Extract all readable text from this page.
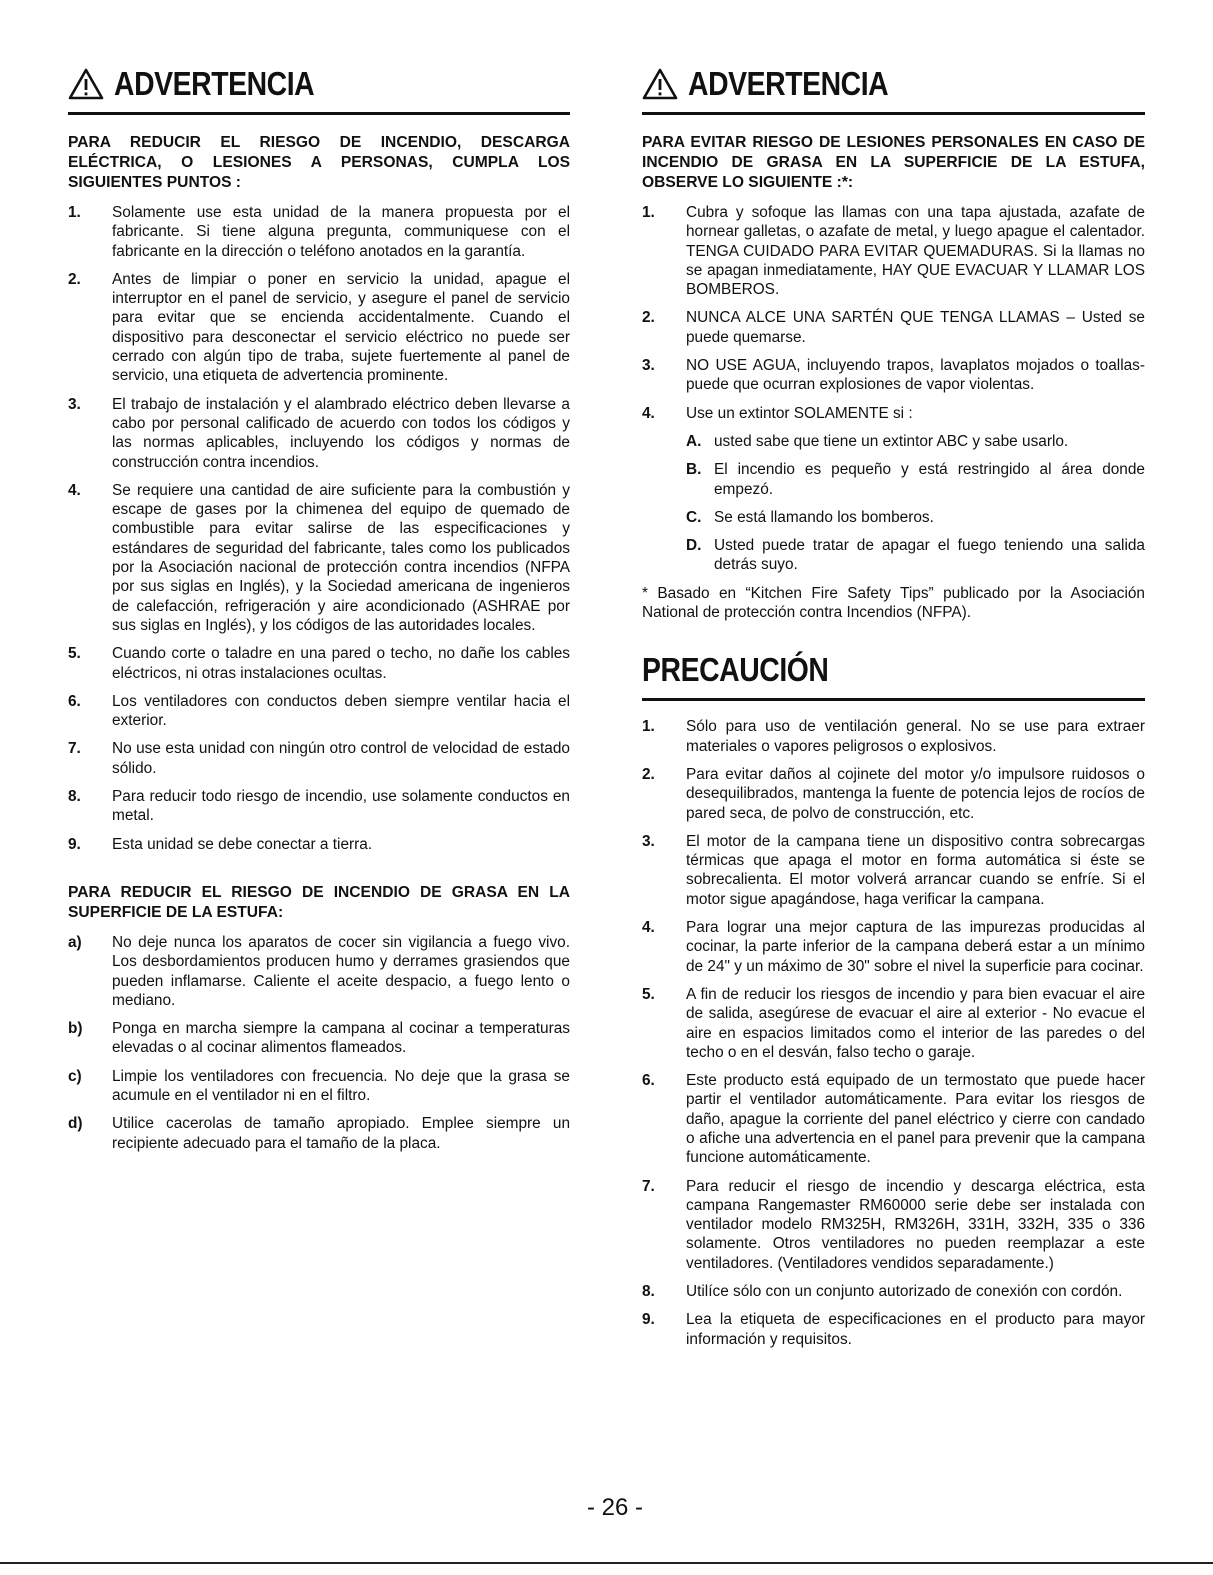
ADVERTENCIA

PARA REDUCIR EL RIESGO DE INCENDIO, DESCARGA ELÉCTRICA, O LESIONES A PERSONAS, CUMPLA LOS SIGUIENTES PUNTOS :

1.	Solamente use esta unidad de la manera propuesta por el fabricante. Si tiene alguna pregunta, communiquese con el fabricante en la dirección o teléfono anotados en la garantía.
2.	Antes de limpiar o poner en servicio la unidad, apague el interruptor en el panel de servicio, y asegure el panel de servicio para evitar que se encienda accidentalmente. Cuando el dispositivo para desconectar el servicio eléctrico no puede ser cerrado con algún tipo de traba, sujete fuertemente al panel de servicio, una etiqueta de advertencia prominente.
3.	El trabajo de instalación y el alambrado eléctrico deben llevarse a cabo por personal calificado de acuerdo con todos los códigos y las normas aplicables, incluyendo los códigos y normas de construcción contra incendios.
4.	Se requiere una cantidad de aire suficiente para la combustión y escape de gases por la chimenea del equipo de quemado de combustible para evitar salirse de las especificaciones y estándares de seguridad del fabricante, tales como los publicados por la Asociación nacional de protección contra incendios (NFPA por sus siglas en Inglés), y la Sociedad americana de ingenieros de calefacción, refrigeración y aire acondicionado (ASHRAE por sus siglas en Inglés), y los códigos de las autoridades locales.
5.	Cuando corte o taladre en una pared o techo, no dañe los cables eléctricos, ni otras instalaciones ocultas.
6.	Los ventiladores con conductos deben siempre ventilar hacia el exterior.
7.	No use esta unidad con ningún otro control de velocidad de estado sólido.
8.	Para reducir todo riesgo de incendio, use solamente conductos en metal.
9.	Esta unidad se debe conectar a tierra.

PARA REDUCIR EL RIESGO DE INCENDIO DE GRASA EN LA SUPERFICIE DE LA ESTUFA:

a)	No deje nunca los aparatos de cocer sin vigilancia a fuego vivo. Los desbordamientos producen humo y derrames grasiendos que pueden inflamarse. Caliente el aceite despacio, a fuego lento o mediano.
b)	Ponga en marcha siempre la campana al cocinar a temperaturas elevadas o al cocinar alimentos flameados.
c)	Limpie los ventiladores con frecuencia. No deje que la grasa se acumule en el ventilador ni en el filtro.
d)	Utilice cacerolas de tamaño apropiado. Emplee siempre un recipiente adecuado para el tamaño de la placa.
ADVERTENCIA

PARA EVITAR RIESGO DE LESIONES PERSONALES EN CASO DE INCENDIO DE GRASA EN LA SUPERFICIE DE LA ESTUFA, OBSERVE LO SIGUIENTE :*:

1.	Cubra y sofoque las llamas con una tapa ajustada, azafate de hornear galletas, o azafate de metal, y luego apague el calentador. TENGA CUIDADO PARA EVITAR QUEMADURAS. Si la llamas no se apagan inmediatamente, HAY QUE EVACUAR Y LLAMAR LOS BOMBEROS.
2.	NUNCA ALCE UNA SARTÉN QUE TENGA LLAMAS – Usted se puede quemarse.
3.	NO USE AGUA, incluyendo trapos, lavaplatos mojados o toallas- puede que ocurran explosiones de vapor violentas.
4.	Use un extintor SOLAMENTE si :
A. usted sabe que tiene un extintor ABC y sabe usarlo.
B. El incendio es pequeño y está restringido al área donde empezó.
C. Se está llamando los bomberos.
D. Usted puede tratar de apagar el fuego teniendo una salida detrás suyo.

* Basado en “Kitchen Fire Safety Tips” publicado por la Asociación National de protección contra Incendios (NFPA).

PRECAUCIÓN
1.	Sólo para uso de ventilación general. No se use para extraer materiales o vapores peligrosos o explosivos.
2.	Para evitar daños al cojinete del motor y/o impulsore ruidosos o desequilibrados, mantenga la fuente de potencia lejos de rocíos de pared seca, de polvo de construcción, etc.
3.	El motor de la campana tiene un dispositivo contra sobrecargas térmicas que apaga el motor en forma automática si éste se sobrecalienta. El motor volverá arrancar cuando se enfríe. Si el motor sigue apagándose, haga verificar la campana.
4.	Para lograr una mejor captura de las impurezas producidas al cocinar, la parte inferior de la campana deberá estar a un mínimo de 24" y un máximo de 30" sobre el nivel la superficie para cocinar.
5.	A fin de reducir los riesgos de incendio y para bien evacuar el aire de salida, asegúrese de evacuar el aire al exterior - No evacue el aire en espacios limitados como el interior de las paredes o del techo o en el desván, falso techo o garaje.
6.	Este producto está equipado de un termostato que puede hacer partir el ventilador automáticamente. Para evitar los riesgos de daño, apague la corriente del panel eléctrico y cierre con candado o afiche una advertencia en el panel para prevenir que la campana funcione automáticamente.
7.	Para reducir el riesgo de incendio y descarga eléctrica, esta campana Rangemaster RM60000 serie debe ser instalada con ventilador modelo RM325H, RM326H, 331H, 332H, 335 o 336 solamente. Otros ventiladores no pueden reemplazar a este ventiladores. (Ventiladores vendidos separadamente.)
8.	Utilíce sólo con un conjunto autorizado de conexión con cordón.
9.	Lea la etiqueta de especificaciones en el producto para mayor información y requisitos.
- 26 -
